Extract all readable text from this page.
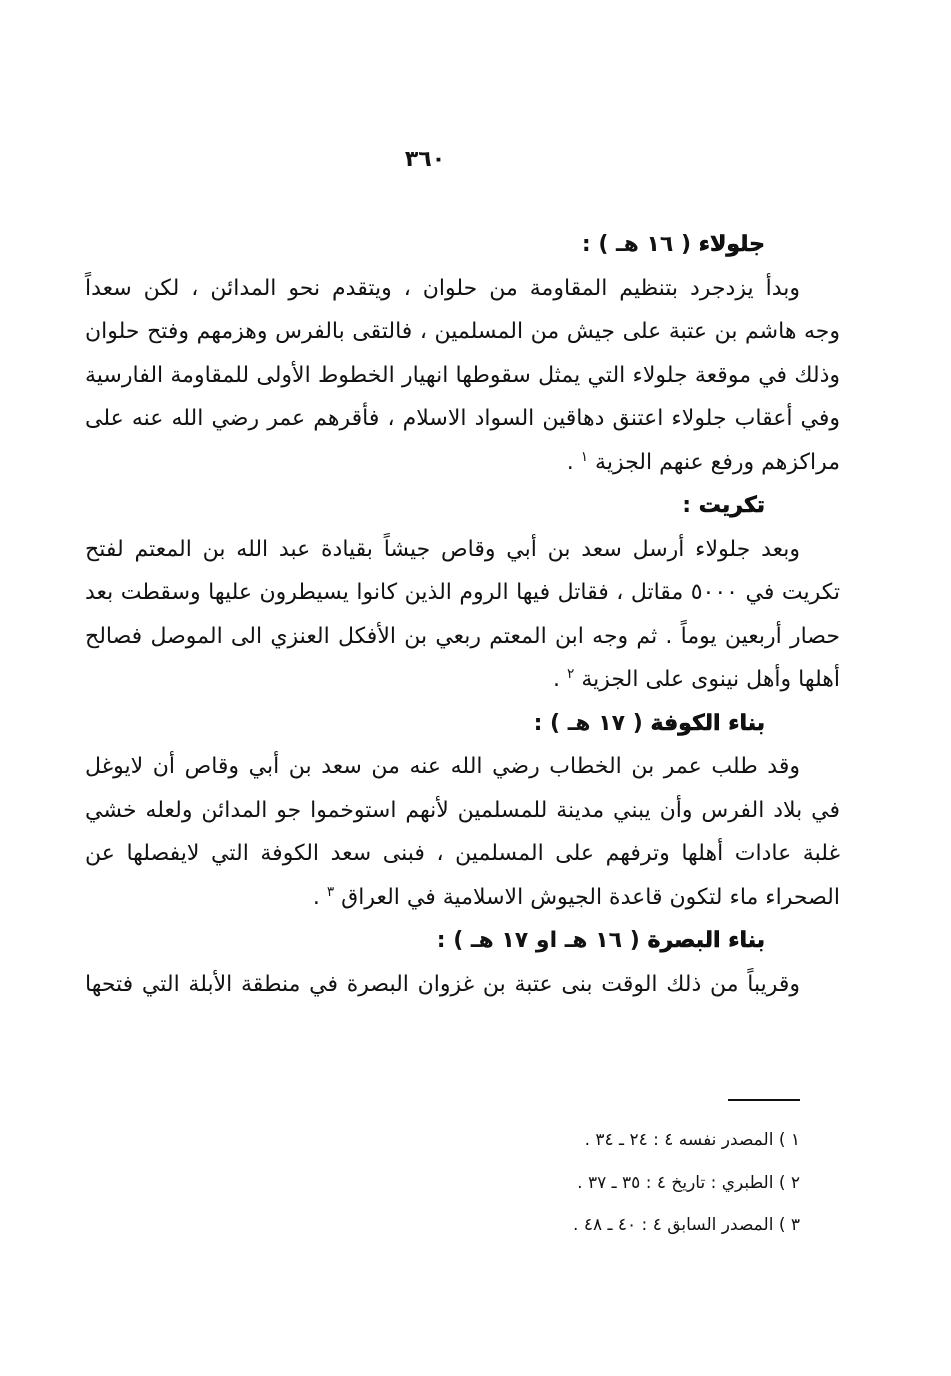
٣٦٠
جلولاء ( ١٦ هـ ) :
وبدأ يزدجرد بتنظيم المقاومة من حلوان ، ويتقدم نحو المدائن ، لكن سعداً
وجه هاشم بن عتبة على جيش من المسلمين ، فالتقى بالفرس وهزمهم وفتح حلوان
وذلك في موقعة جلولاء التي يمثل سقوطها انهيار الخطوط الأولى للمقاومة الفارسية
وفي أعقاب جلولاء اعتنق دهاقين السواد الاسلام ، فأقرهم عمر رضي الله عنه على
مراكزهم ورفع عنهم الجزية $^١$ .
تكريت :
وبعد جلولاء أرسل سعد بن أبي وقاص جيشاً بقيادة عبد الله بن المعتم لفتح
تكريت في ٥٠٠٠ مقاتل ، فقاتل فيها الروم الذين كانوا يسيطرون عليها وسقطت بعد
حصار أربعين يوماً . ثم وجه ابن المعتم ربعي بن الأفكل العنزي الى الموصل فصالح
أهلها وأهل نينوى على الجزية $^٢$ .
بناء الكوفة ( ١٧ هـ ) :
وقد طلب عمر بن الخطاب رضي الله عنه من سعد بن أبي وقاص أن لايوغل
في بلاد الفرس وأن يبني مدينة للمسلمين لأنهم استوخموا جو المدائن ولعله خشي
غلبة عادات أهلها وترفهم على المسلمين ، فبنى سعد الكوفة التي لايفصلها عن
الصحراء ماء لتكون قاعدة الجيوش الاسلامية في العراق $^٣$ .
بناء البصرة ( ١٦ هـ او ١٧ هـ ) :
وقريباً من ذلك الوقت بنى عتبة بن غزوان البصرة في منطقة الأبلة التي فتحها
١ ) المصدر نفسه ٤ : ٢٤ ـ ٣٤ .
٢ ) الطبري : تاريخ ٤ : ٣٥ ـ ٣٧ .
٣ ) المصدر السابق ٤ : ٤٠ ـ ٤٨ .
